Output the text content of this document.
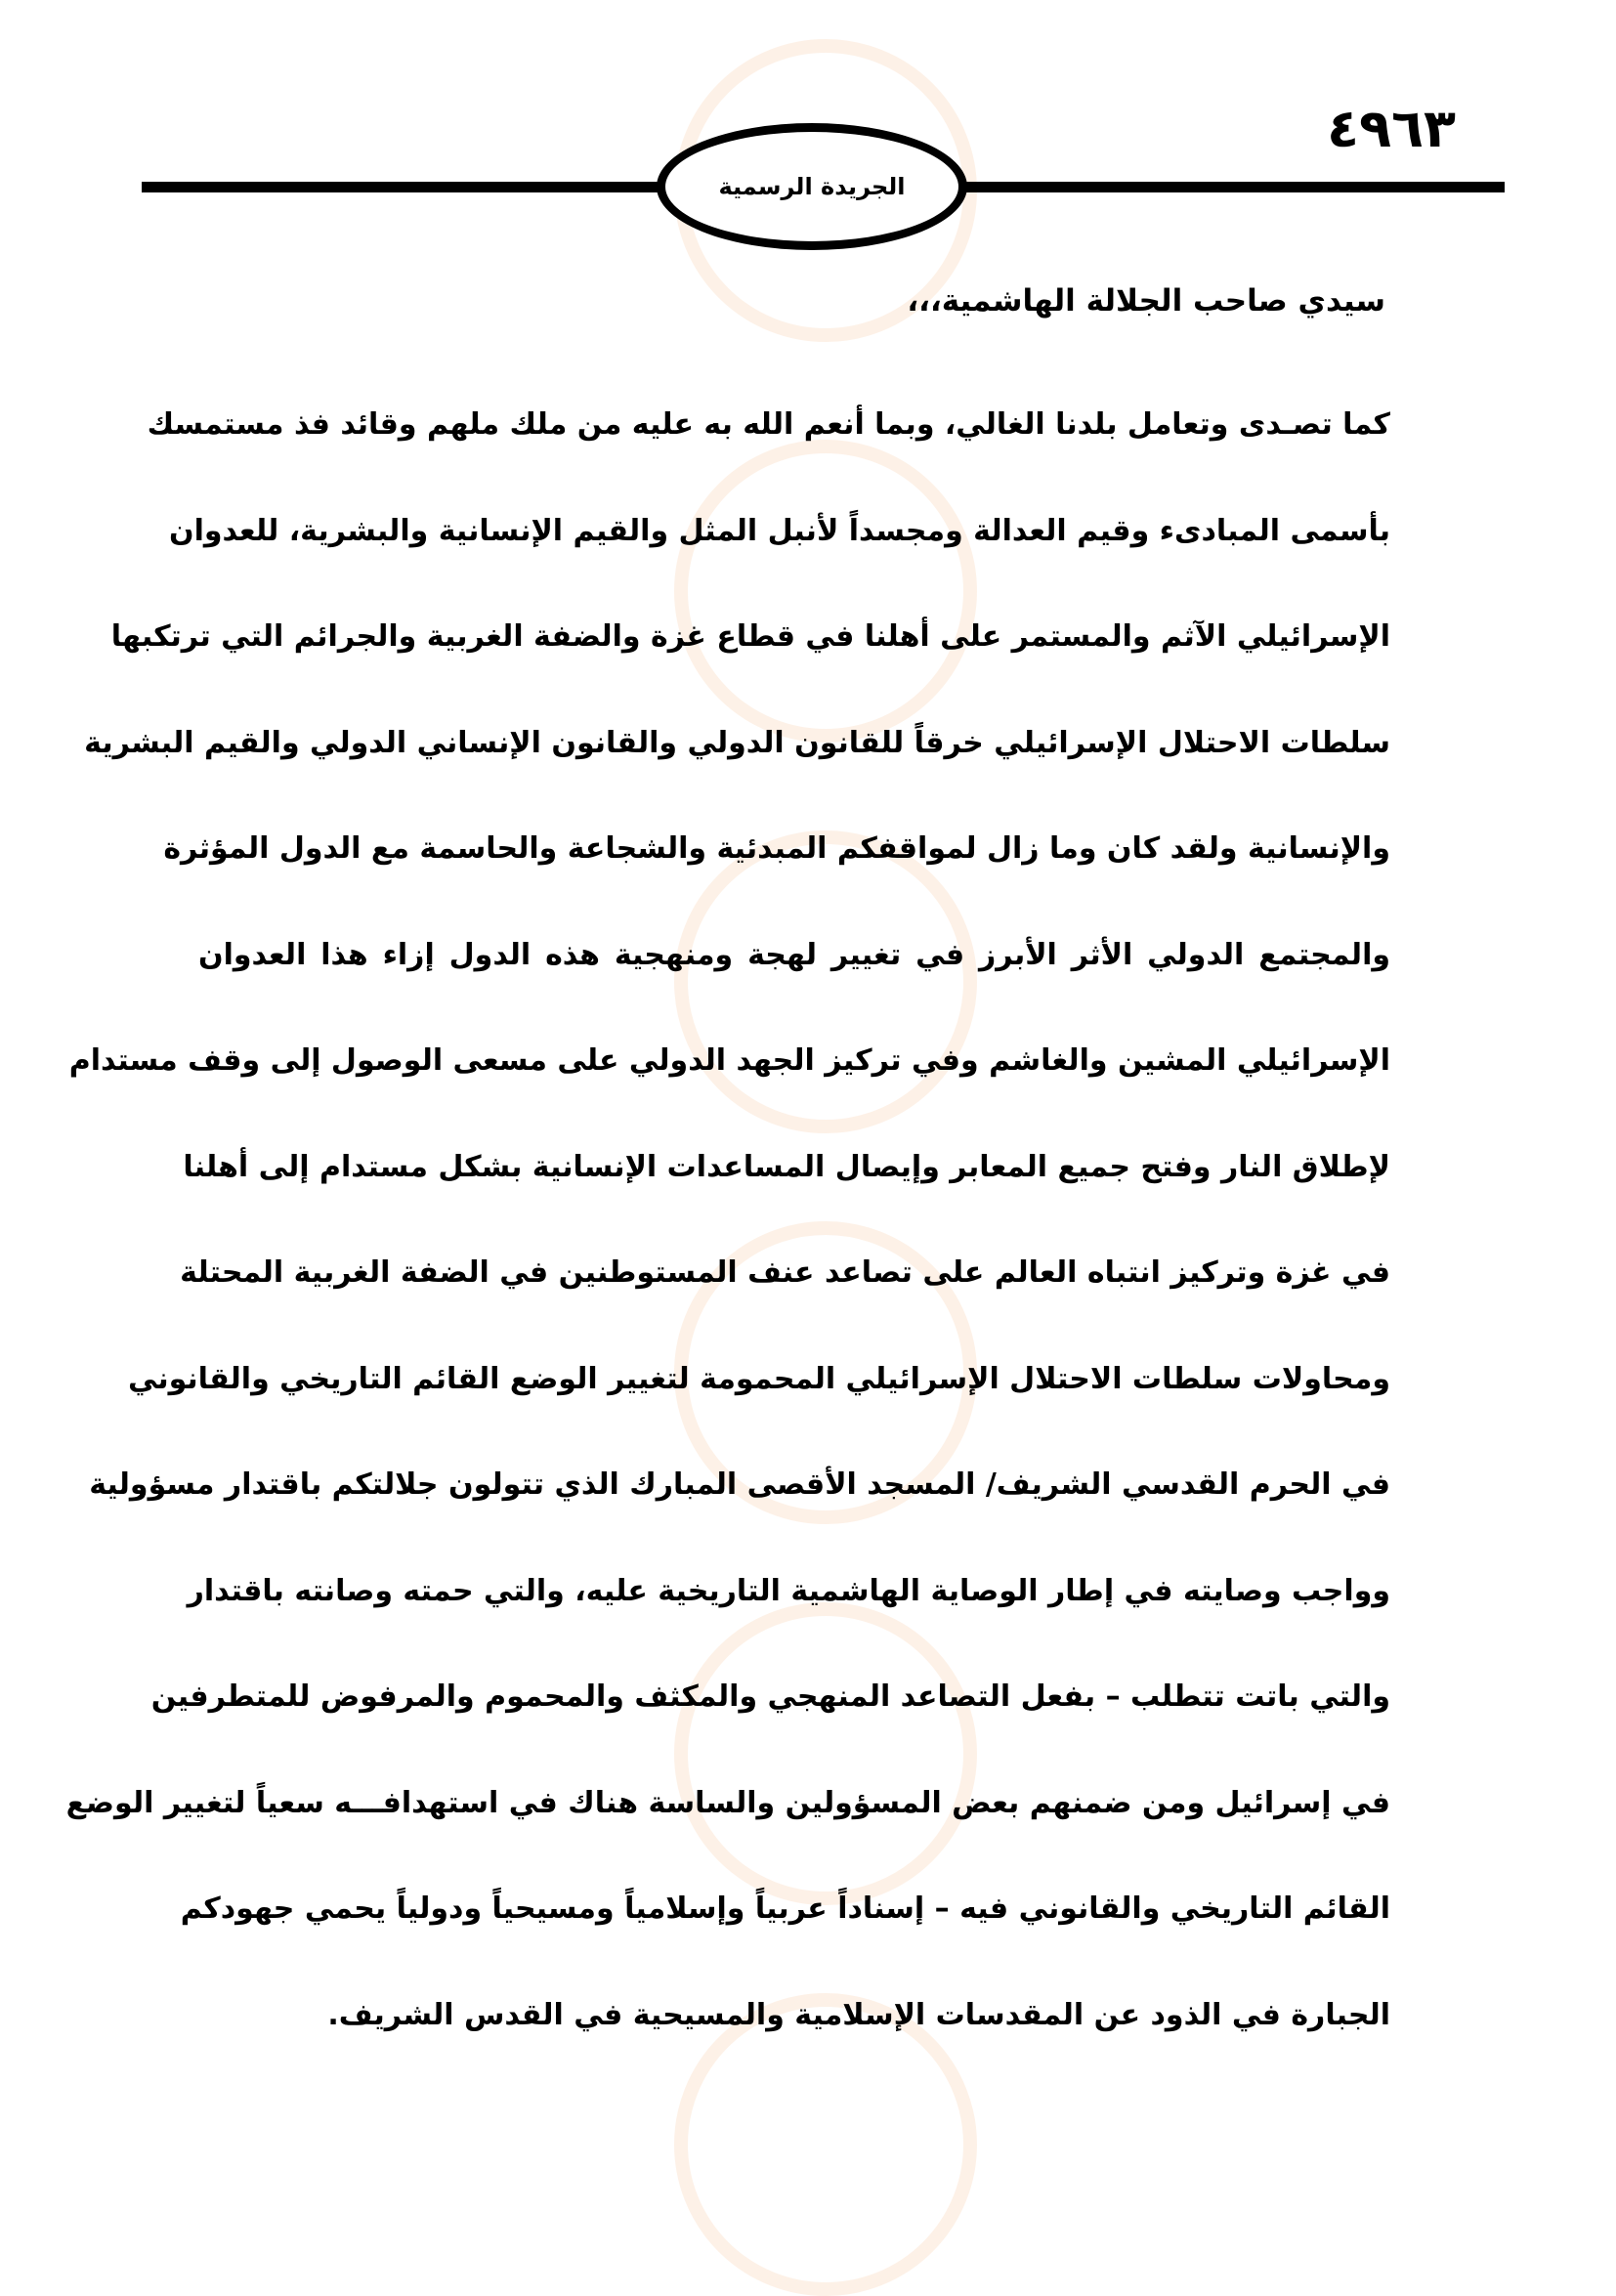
٤٩٦٣
الجريدة الرسمية
سيدي صاحب الجلالة الهاشمية،،،
كما تصـدى وتعامل بلدنا الغالي، وبما أنعم الله به عليه من ملك ملهم وقائد فذ مستمسك
بأسمى المبادىء وقيم العدالة ومجسداً لأنبل المثل والقيم الإنسانية والبشرية، للعدوان
الإسرائيلي الآثم والمستمر على أهلنا في قطاع غزة والضفة الغربية والجرائم التي ترتكبها
سلطات الاحتلال الإسرائيلي خرقاً للقانون الدولي والقانون الإنساني الدولي والقيم البشرية
والإنسانية ولقد كان وما زال لمواقفكم المبدئية والشجاعة والحاسمة مع الدول المؤثرة
والمجتمع الدولي الأثر الأبرز في تغيير لهجة ومنهجية هذه الدول إزاء هذا العدوان
الإسرائيلي المشين والغاشم وفي تركيز الجهد الدولي على مسعى الوصول إلى وقف مستدام
لإطلاق النار وفتح جميع المعابر وإيصال المساعدات الإنسانية بشكل مستدام إلى أهلنا
في غزة وتركيز انتباه العالم على تصاعد عنف المستوطنين في الضفة الغربية المحتلة
ومحاولات سلطات الاحتلال الإسرائيلي المحمومة لتغيير الوضع القائم التاريخي والقانوني
في الحرم القدسي الشريف/ المسجد الأقصى المبارك الذي تتولون جلالتكم باقتدار مسؤولية
وواجب وصايته في إطار الوصاية الهاشمية التاريخية عليه، والتي حمته وصانته باقتدار
والتي باتت تتطلب – بفعل التصاعد المنهجي والمكثف والمحموم والمرفوض للمتطرفين
في إسرائيل ومن ضمنهم بعض المسؤولين والساسة هناك في استهدافـــه سعياً لتغيير الوضع
القائم التاريخي والقانوني فيه – إسناداً عربياً وإسلامياً ومسيحياً ودولياً يحمي جهودكم
الجبارة في الذود عن المقدسات الإسلامية والمسيحية في القدس الشريف.
